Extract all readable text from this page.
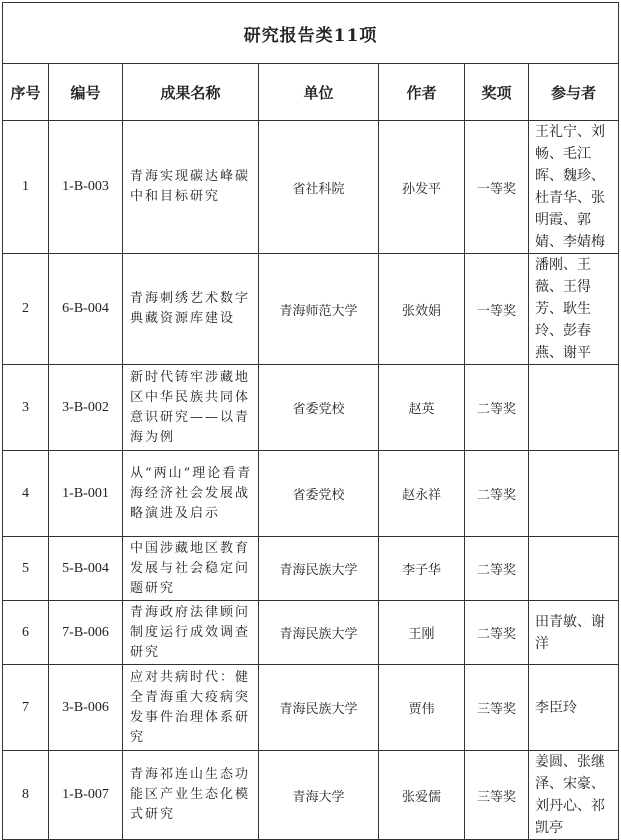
研究报告类11项						
序号	编号	成果名称	单位	作者	奖项	参与者
1	1-B-003	青海实现碳达峰碳中和目标研究	省社科院	孙发平	一等奖	王礼宁、刘畅、毛江晖、魏珍、杜青华、张明霞、郭婧、李婧梅
2	6-B-004	青海刺绣艺术数字典藏资源库建设	青海师范大学	张效娟	一等奖	潘刚、王薇、王得芳、耿生玲、彭春燕、谢平
3	3-B-002	新时代铸牢涉藏地区中华民族共同体意识研究——以青海为例	省委党校	赵英	二等奖	
4	1-B-001	从“两山”理论看青海经济社会发展战略演进及启示	省委党校	赵永祥	二等奖	
5	5-B-004	中国涉藏地区教育发展与社会稳定问题研究	青海民族大学	李子华	二等奖	
6	7-B-006	青海政府法律顾问制度运行成效调查研究	青海民族大学	王刚	二等奖	田青敏、谢洋
7	3-B-006	应对共病时代：健全青海重大疫病突发事件治理体系研究	青海民族大学	贾伟	三等奖	李臣玲
8	1-B-007	青海祁连山生态功能区产业生态化模式研究	青海大学	张爱儒	三等奖	姜圆、张继泽、宋豪、刘丹心、祁凯亭
